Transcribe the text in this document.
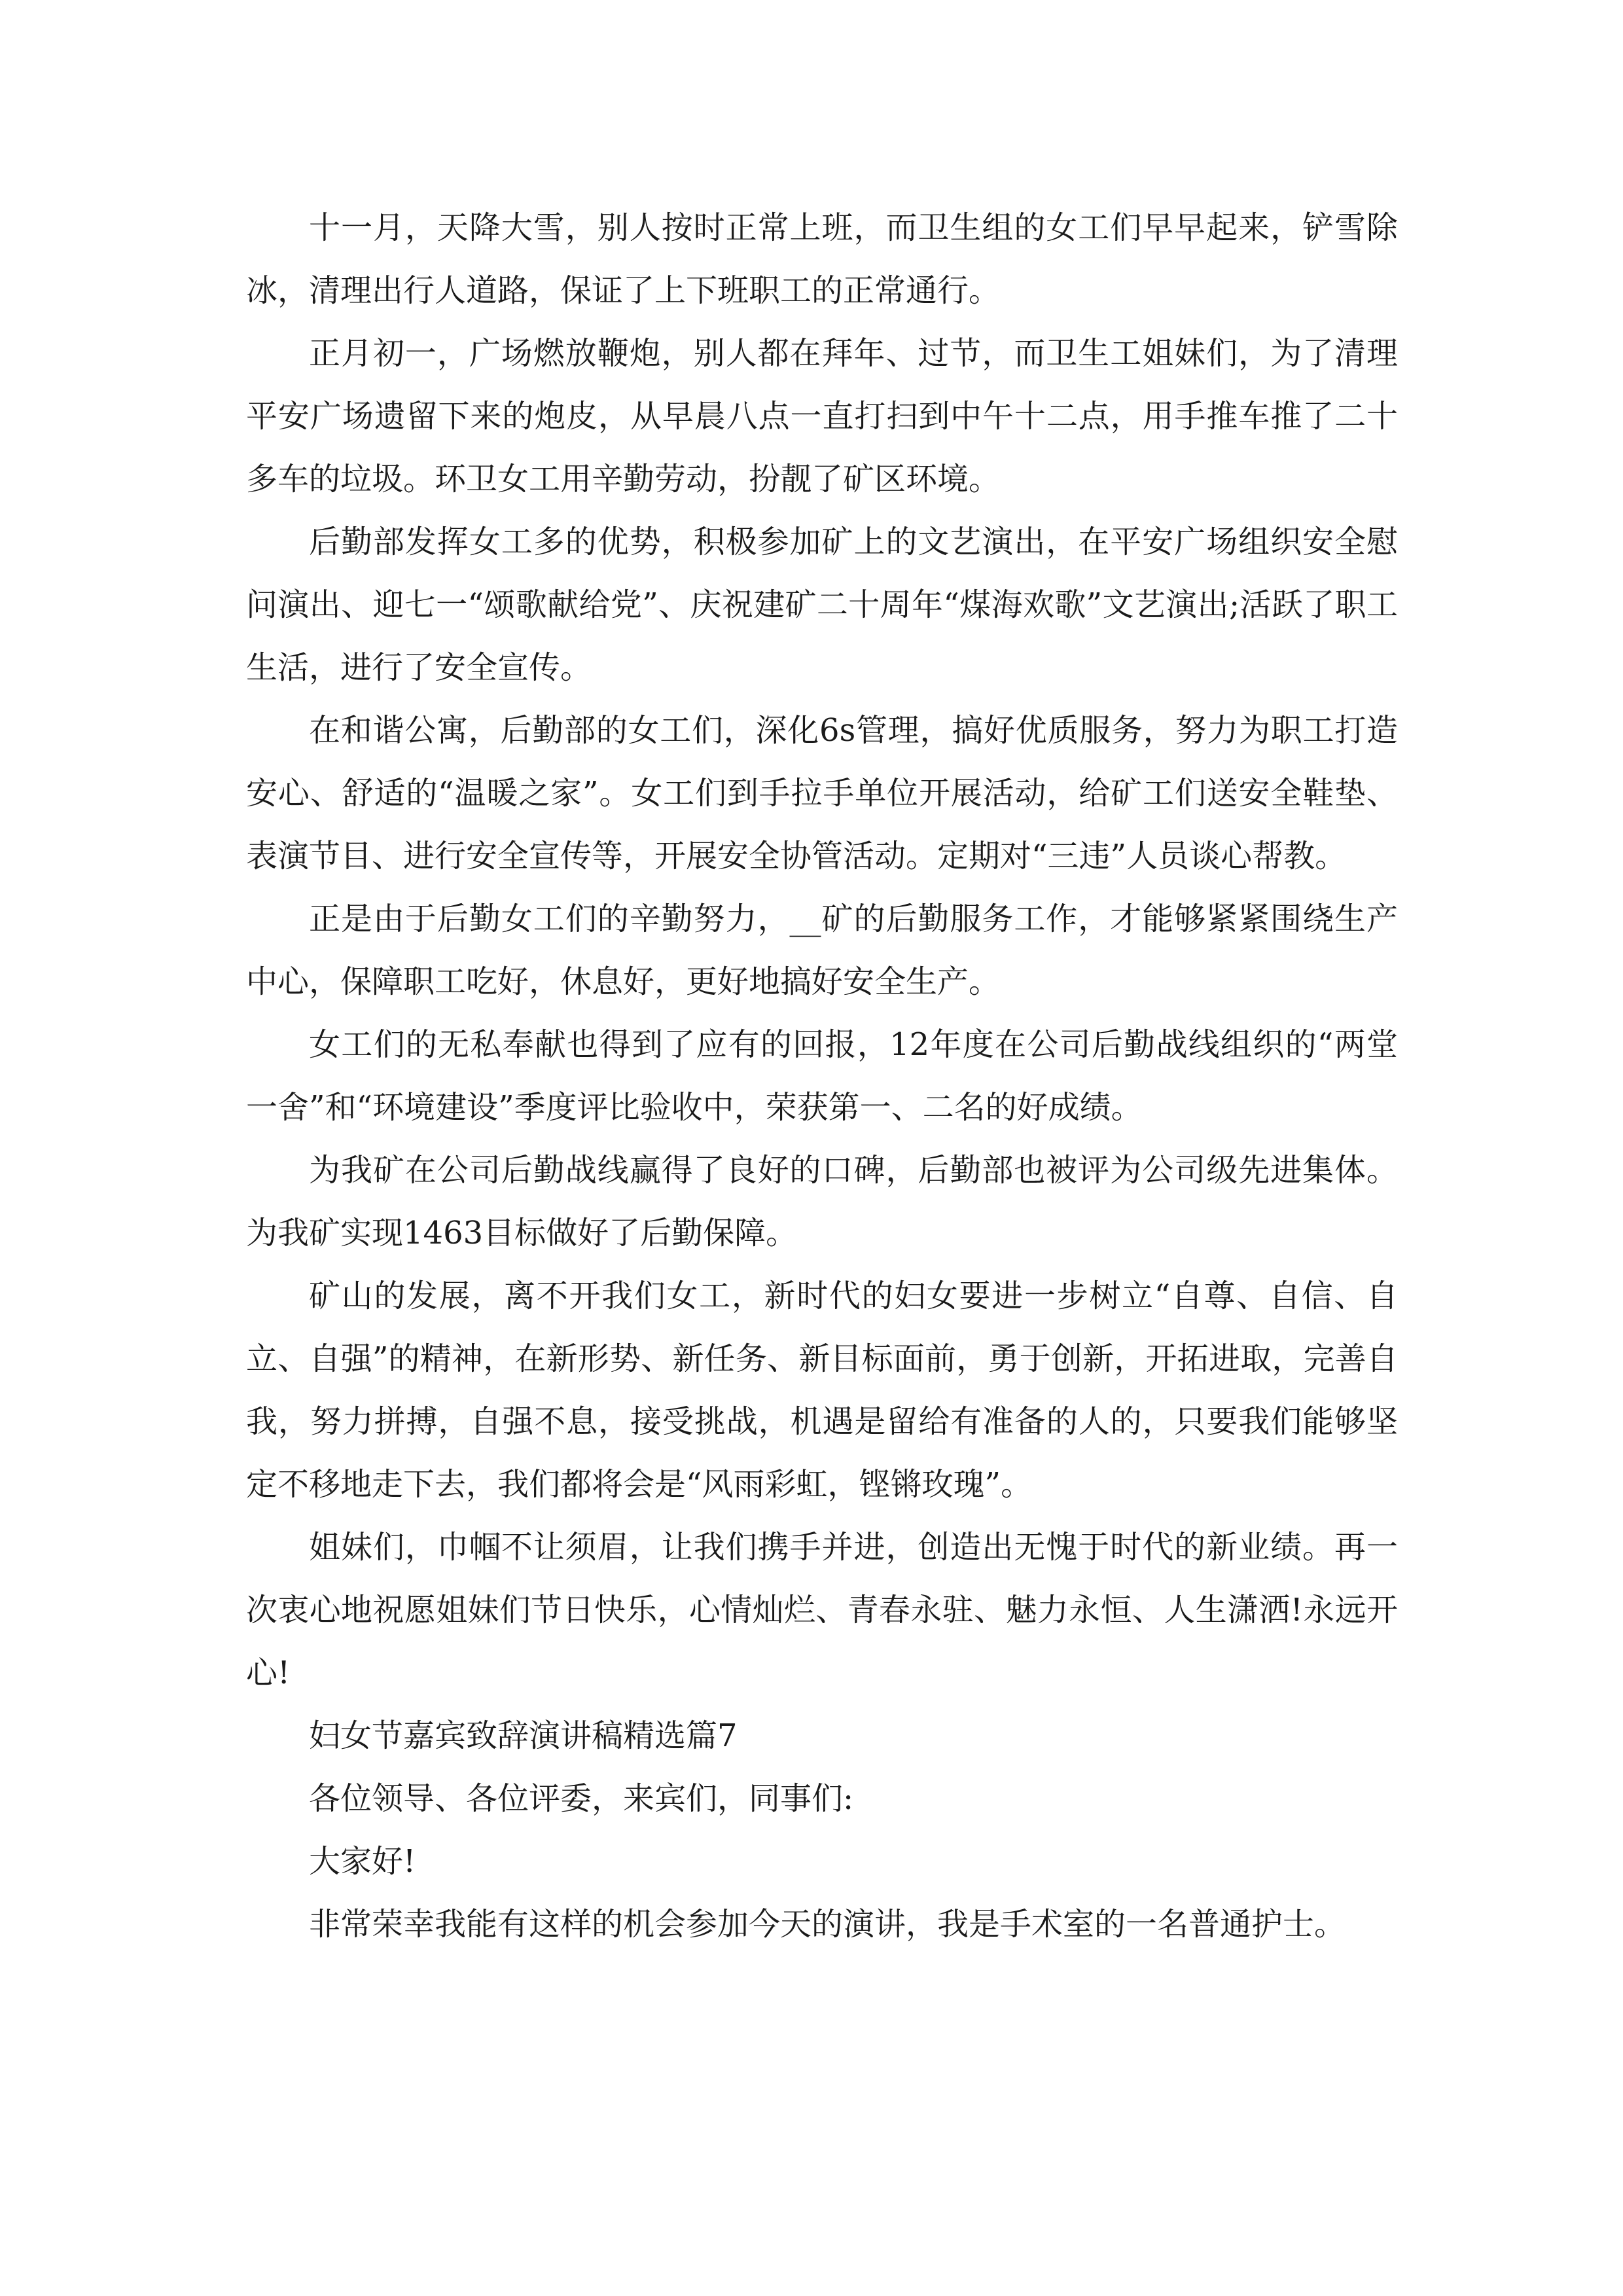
十一月，天降大雪，别人按时正常上班，而卫生组的女工们早早起来，铲雪除冰，清理出行人道路，保证了上下班职工的正常通行。

正月初一，广场燃放鞭炮，别人都在拜年、过节，而卫生工姐妹们，为了清理平安广场遗留下来的炮皮，从早晨八点一直打扫到中午十二点，用手推车推了二十多车的垃圾。环卫女工用辛勤劳动，扮靓了矿区环境。

后勤部发挥女工多的优势，积极参加矿上的文艺演出，在平安广场组织安全慰问演出、迎七一“颂歌献给党”、庆祝建矿二十周年“煤海欢歌”文艺演出;活跃了职工生活，进行了安全宣传。

在和谐公寓，后勤部的女工们，深化6s管理，搞好优质服务，努力为职工打造安心、舒适的“温暖之家”。女工们到手拉手单位开展活动，给矿工们送安全鞋垫、表演节目、进行安全宣传等，开展安全协管活动。定期对“三违”人员谈心帮教。

正是由于后勤女工们的辛勤努力，__矿的后勤服务工作，才能够紧紧围绕生产中心，保障职工吃好，休息好，更好地搞好安全生产。

女工们的无私奉献也得到了应有的回报，12年度在公司后勤战线组织的“两堂一舍”和“环境建设”季度评比验收中，荣获第一、二名的好成绩。

为我矿在公司后勤战线赢得了良好的口碑，后勤部也被评为公司级先进集体。为我矿实现1463目标做好了后勤保障。

矿山的发展，离不开我们女工，新时代的妇女要进一步树立“自尊、自信、自立、自强”的精神，在新形势、新任务、新目标面前，勇于创新，开拓进取，完善自我，努力拼搏，自强不息，接受挑战，机遇是留给有准备的人的，只要我们能够坚定不移地走下去，我们都将会是“风雨彩虹，铿锵玫瑰”。

姐妹们，巾帼不让须眉，让我们携手并进，创造出无愧于时代的新业绩。再一次衷心地祝愿姐妹们节日快乐，心情灿烂、青春永驻、魅力永恒、人生潇洒!永远开心!

妇女节嘉宾致辞演讲稿精选篇7

各位领导、各位评委，来宾们，同事们:

大家好!

非常荣幸我能有这样的机会参加今天的演讲，我是手术室的一名普通护士。
